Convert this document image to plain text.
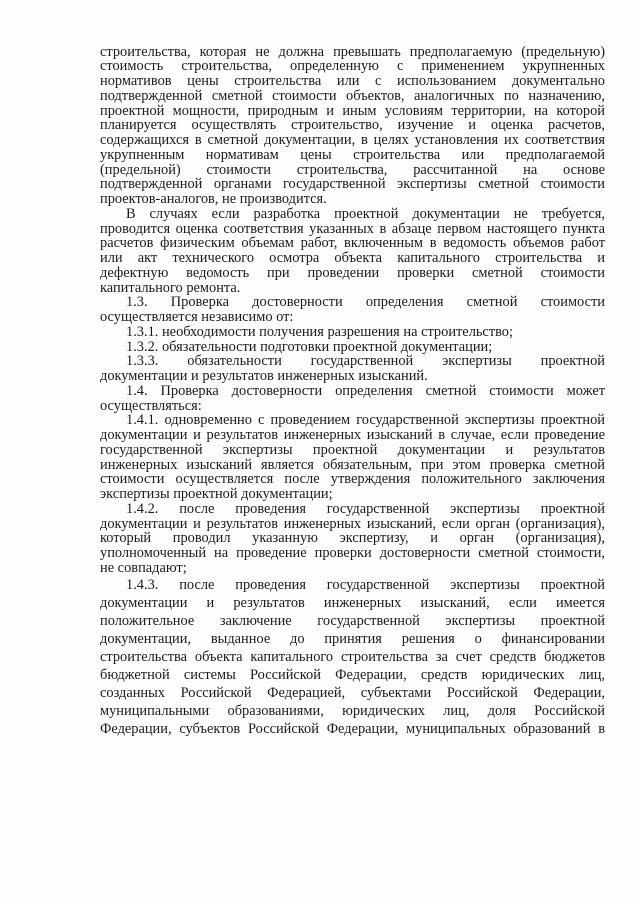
строительства, которая не должна превышать предполагаемую (предельную)
стоимость строительства, определенную с применением укрупненных
нормативов цены строительства или с использованием документально
подтвержденной сметной стоимости объектов, аналогичных по назначению,
проектной мощности, природным и иным условиям территории, на которой
планируется осуществлять строительство, изучение и оценка расчетов,
содержащихся в сметной документации, в целях установления их соответствия
укрупненным нормативам цены строительства или предполагаемой
(предельной) стоимости строительства, рассчитанной на основе
подтвержденной органами государственной экспертизы сметной стоимости
проектов-аналогов, не производится.
В случаях если разработка проектной документации не требуется,
проводится оценка соответствия указанных в абзаце первом настоящего пункта
расчетов физическим объемам работ, включенным в ведомость объемов работ
или акт технического осмотра объекта капитального строительства и
дефектную ведомость при проведении проверки сметной стоимости
капитального ремонта.
1.3. Проверка достоверности определения сметной стоимости
осуществляется независимо от:
1.3.1. необходимости получения разрешения на строительство;
1.3.2. обязательности подготовки проектной документации;
1.3.3. обязательности государственной экспертизы проектной
документации и результатов инженерных изысканий.
1.4. Проверка достоверности определения сметной стоимости может
осуществляться:
1.4.1. одновременно с проведением государственной экспертизы проектной
документации и результатов инженерных изысканий в случае, если проведение
государственной экспертизы проектной документации и результатов
инженерных изысканий является обязательным, при этом проверка сметной
стоимости осуществляется после утверждения положительного заключения
экспертизы проектной документации;
1.4.2. после проведения государственной экспертизы проектной
документации и результатов инженерных изысканий, если орган (организация),
который проводил указанную экспертизу, и орган (организация),
уполномоченный на проведение проверки достоверности сметной стоимости,
не совпадают;
1.4.3. после проведения государственной экспертизы проектной
документации и результатов инженерных изысканий, если имеется
положительное заключение государственной экспертизы проектной
документации, выданное до принятия решения о финансировании
строительства объекта капитального строительства за счет средств бюджетов
бюджетной системы Российской Федерации, средств юридических лиц,
созданных Российской Федерацией, субъектами Российской Федерации,
муниципальными образованиями, юридических лиц, доля Российской
Федерации, субъектов Российской Федерации, муниципальных образований в
